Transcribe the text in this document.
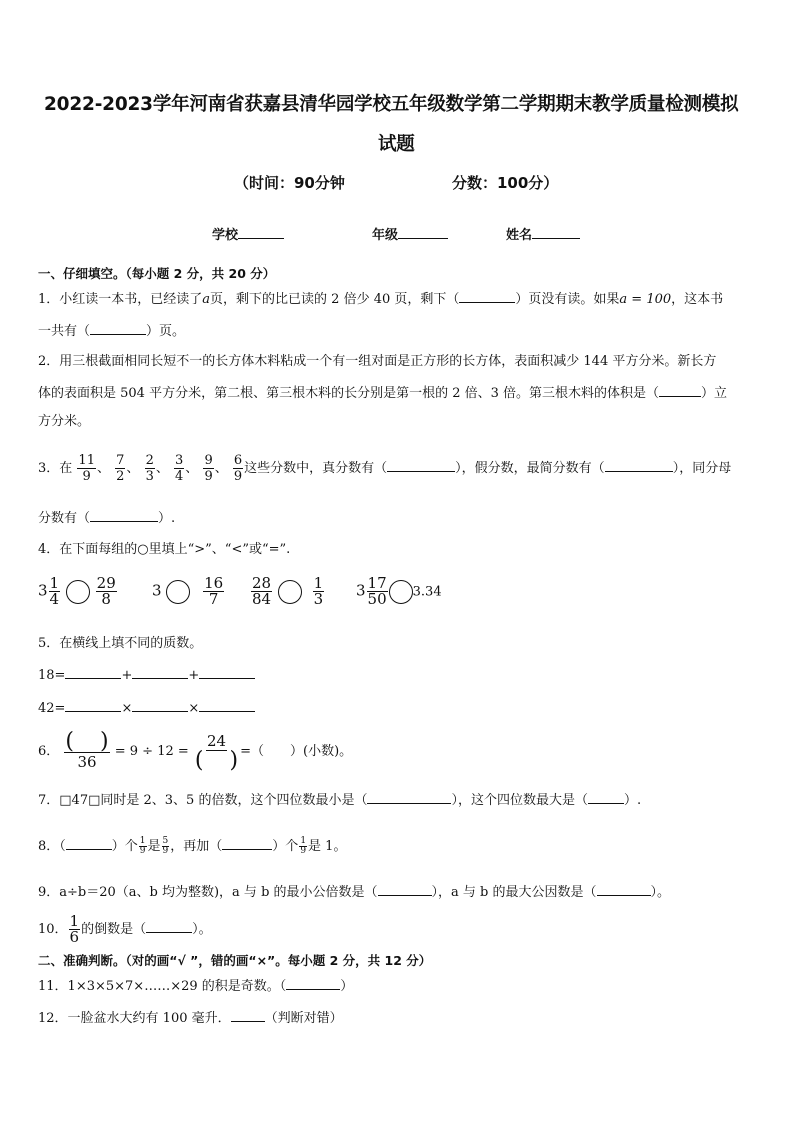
2022-2023学年河南省获嘉县清华园学校五年级数学第二学期期末教学质量检测模拟
试题
（时间：90分钟	分数：100分）
学校	年级	姓名
一、仔细填空。（每小题 2 分，共 20 分）
1．小红读一本书，已经读了a页，剩下的比已读的 2 倍少 40 页，剩下（	）页没有读。如果a = 100，这本书
一共有（	）页。
2．用三根截面相同长短不一的长方体木料粘成一个有一组对面是正方形的长方体，表面积减少 144 平方分米。新长方
体的表面积是 504 平方分米，第二根、第三根木料的长分别是第一根的 2 倍、3 倍。第三根木料的体积是（	）立
方分米。
3．在 $\frac{11}{9}$ 、 $\frac{7}{2}$ 、 $\frac{2}{3}$ 、 $\frac{3}{4}$ 、 $\frac{9}{9}$ 、 $\frac{6}{9}$ 这些分数中，真分数有（	），假分数，最简分数有（	），同分母
分数有（	）.
4．在下面每组的○里填上“>”、“<”或“=”.
$3 \frac{1}{4}$
$\frac{29}{8} 3$	$\frac{16}{7} \frac{28}{84}$
	$\frac{1}{3} 3 \frac{17}{50} 3.34$
5．在横线上填不同的质数。
18=	+	+
42=	×	×
6． $\frac{( )}{36} = 9 \div 12 = \frac{24}{( )}$ =（ ）(小数)。
7．□47□同时是 2、3、5 的倍数，这个四位数最小是（	），这个四位数最大是（	）.
8．（	）个 $\frac{1}{9}$ 是 $\frac{5}{9}$ ，再加（	）个 $\frac{1}{9}$ 是 1。
9．a÷b＝20（a、b 均为整数)，a 与 b 的最小公倍数是（	），a 与 b 的最大公因数是（	）。
10． $\frac{1}{6}$ 的倒数是（	）。
二、准确判断。（对的画“√ ”，错的画“×”。每小题 2 分，共 12 分）
11．1×3×5×7×……×29 的积是奇数。（	）
12．一脸盆水大约有 100 毫升．	（判断对错）
